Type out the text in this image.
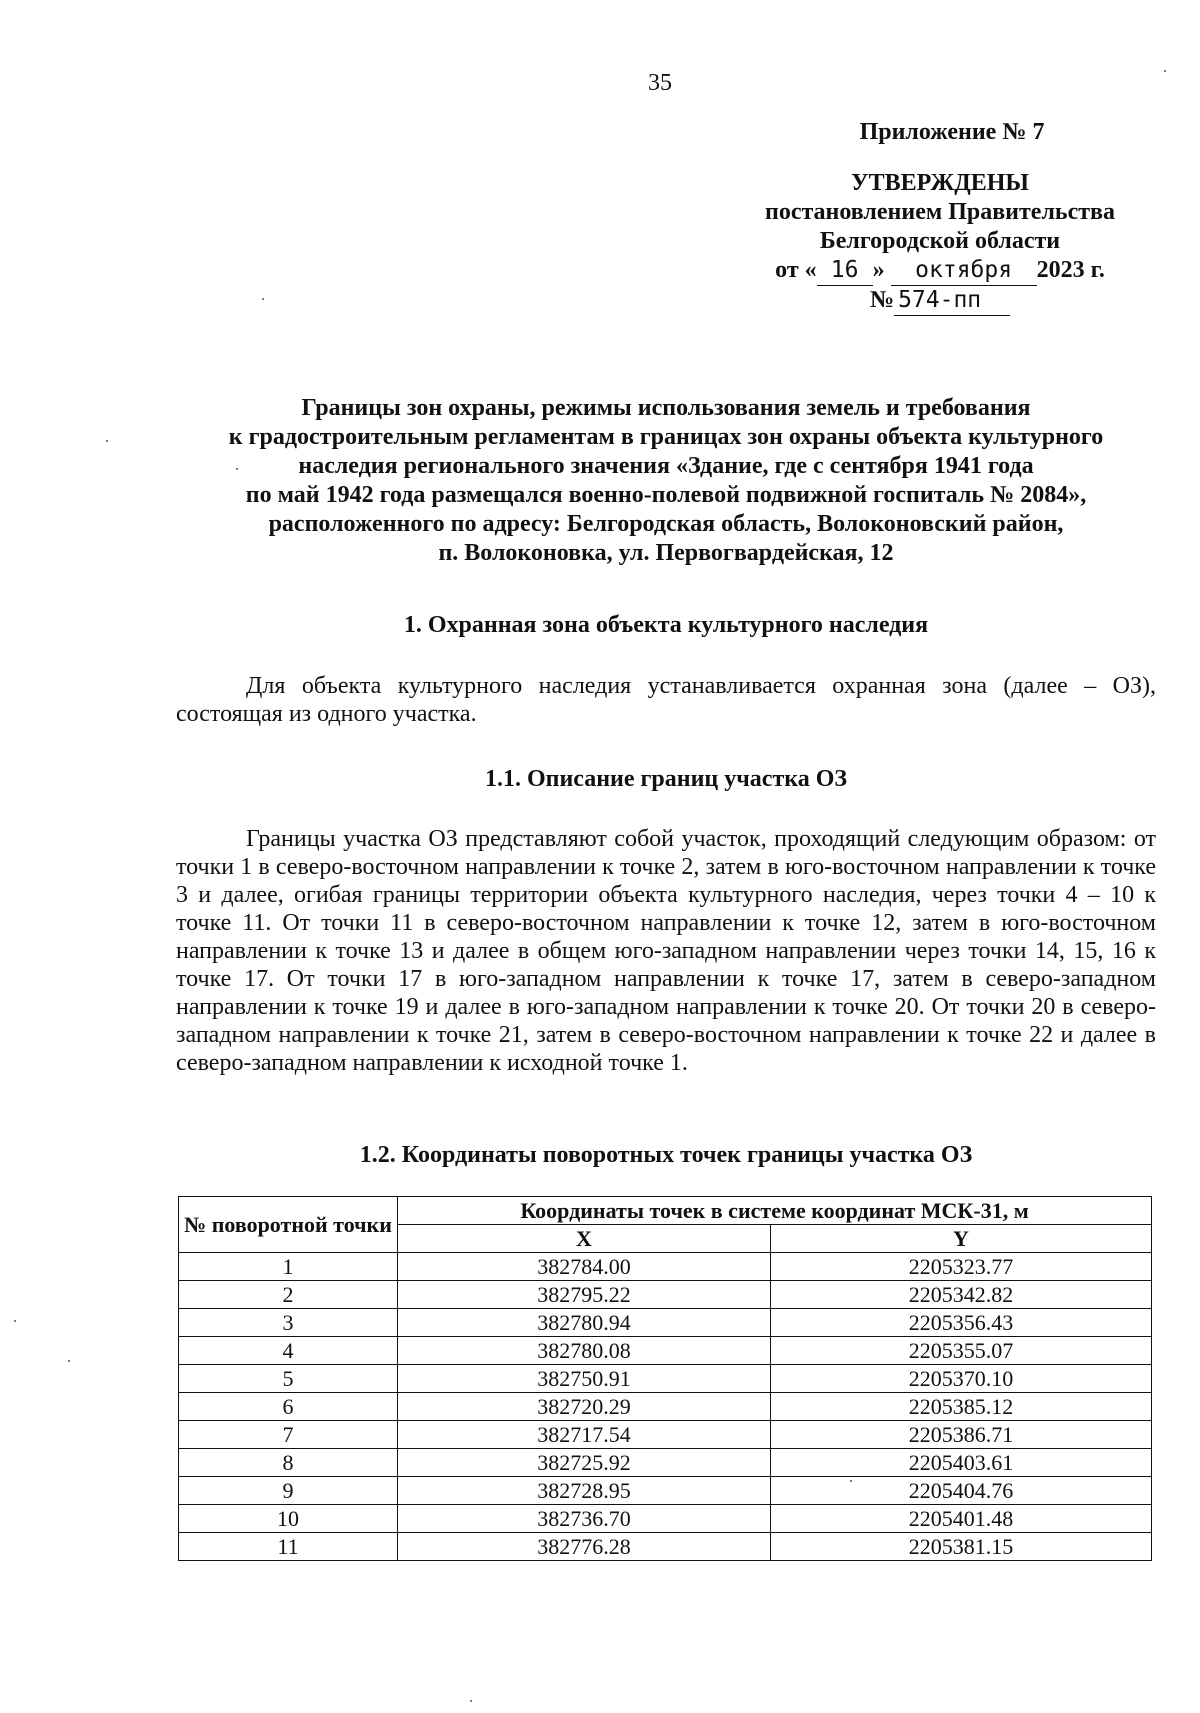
35
Приложение № 7
УТВЕРЖДЕНЫ
постановлением Правительства
Белгородской области
от « 16 » октября 2023 г.
№ 574-пп
Границы зон охраны, режимы использования земель и требования
к градостроительным регламентам в границах зон охраны объекта культурного
наследия регионального значения «Здание, где с сентября 1941 года
по май 1942 года размещался военно-полевой подвижной госпиталь № 2084»,
расположенного по адресу: Белгородская область, Волоконовский район,
п. Волоконовка, ул. Первогвардейская, 12
1. Охранная зона объекта культурного наследия
Для объекта культурного наследия устанавливается охранная зона (далее – ОЗ), состоящая из одного участка.
1.1. Описание границ участка ОЗ
Границы участка ОЗ представляют собой участок, проходящий следующим образом: от точки 1 в северо-восточном направлении к точке 2, затем в юго-восточном направлении к точке 3 и далее, огибая границы территории объекта культурного наследия, через точки 4 – 10 к точке 11. От точки 11 в северо-восточном направлении к точке 12, затем в юго-восточном направлении к точке 13 и далее в общем юго-западном направлении через точки 14, 15, 16 к точке 17. От точки 17 в юго-западном направлении к точке 17, затем в северо-западном направлении к точке 19 и далее в юго-западном направлении к точке 20. От точки 20 в северо-западном направлении к точке 21, затем в северо-восточном направлении к точке 22 и далее в северо-западном направлении к исходной точке 1.
1.2. Координаты поворотных точек границы участка ОЗ
№ поворотной точки	Координаты точек в системе координат МСК-31, м	
	X	Y
1	382784.00	2205323.77
2	382795.22	2205342.82
3	382780.94	2205356.43
4	382780.08	2205355.07
5	382750.91	2205370.10
6	382720.29	2205385.12
7	382717.54	2205386.71
8	382725.92	2205403.61
9	382728.95	2205404.76
10	382736.70	2205401.48
11	382776.28	2205381.15
